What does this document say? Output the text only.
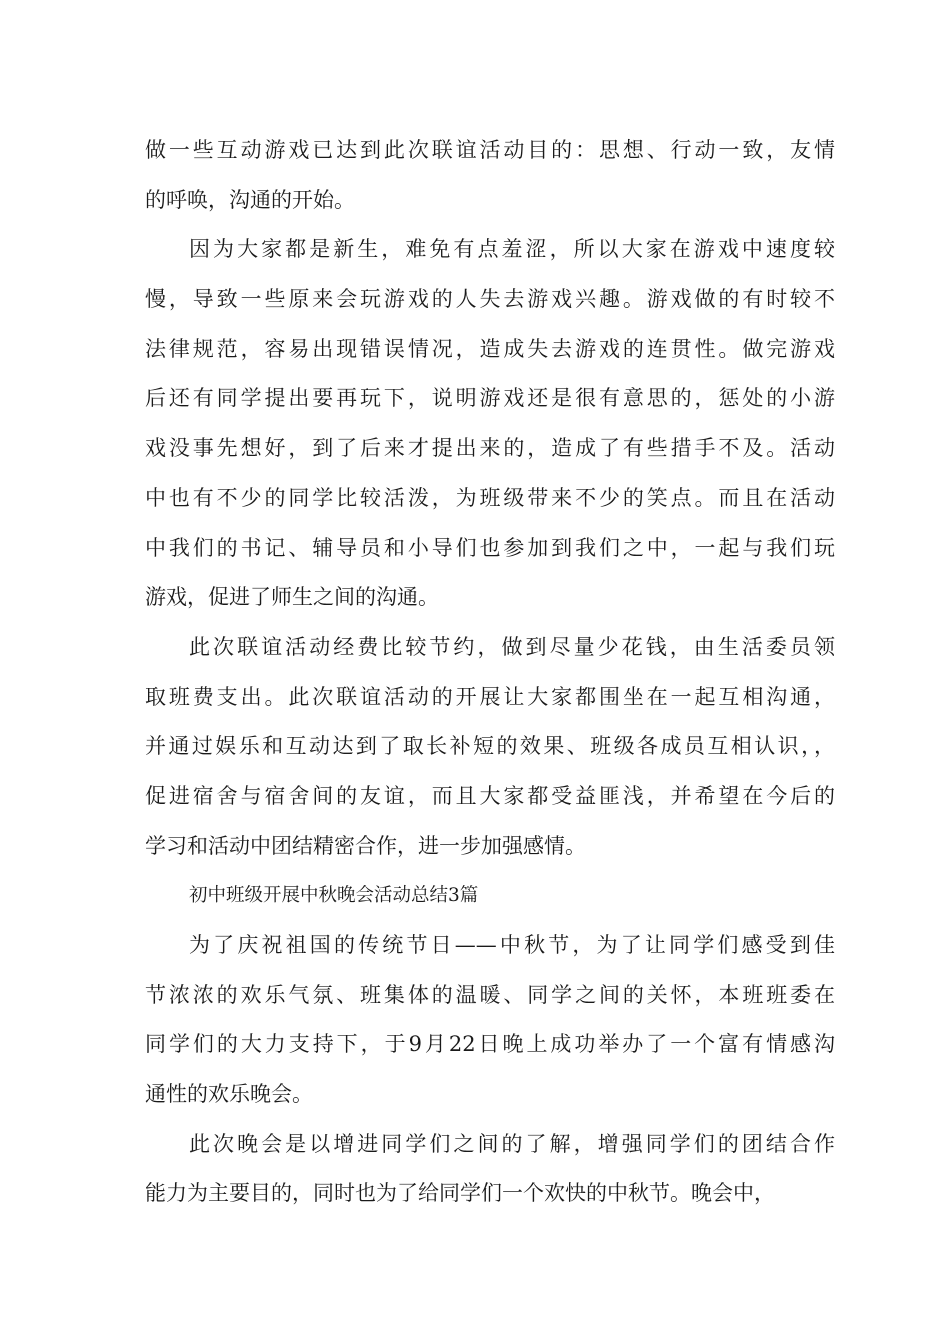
做一些互动游戏已达到此次联谊活动目的：思想、行动一致，友情
的呼唤，沟通的开始。
因为大家都是新生，难免有点羞涩，所以大家在游戏中速度较
慢，导致一些原来会玩游戏的人失去游戏兴趣。游戏做的有时较不
法律规范，容易出现错误情况，造成失去游戏的连贯性。做完游戏
后还有同学提出要再玩下，说明游戏还是很有意思的，惩处的小游
戏没事先想好，到了后来才提出来的，造成了有些措手不及。活动
中也有不少的同学比较活泼，为班级带来不少的笑点。而且在活动
中我们的书记、辅导员和小导们也参加到我们之中，一起与我们玩
游戏，促进了师生之间的沟通。
此次联谊活动经费比较节约，做到尽量少花钱，由生活委员领
取班费支出。此次联谊活动的开展让大家都围坐在一起互相沟通，
并通过娱乐和互动达到了取长补短的效果、班级各成员互相认识，，
促进宿舍与宿舍间的友谊，而且大家都受益匪浅，并希望在今后的
学习和活动中团结精密合作，进一步加强感情。
初中班级开展中秋晚会活动总结3篇
为了庆祝祖国的传统节日——中秋节，为了让同学们感受到佳
节浓浓的欢乐气氛、班集体的温暖、同学之间的关怀，本班班委在
同学们的大力支持下，于9月22日晚上成功举办了一个富有情感沟
通性的欢乐晚会。
此次晚会是以增进同学们之间的了解，增强同学们的团结合作
能力为主要目的，同时也为了给同学们一个欢快的中秋节。晚会中，
